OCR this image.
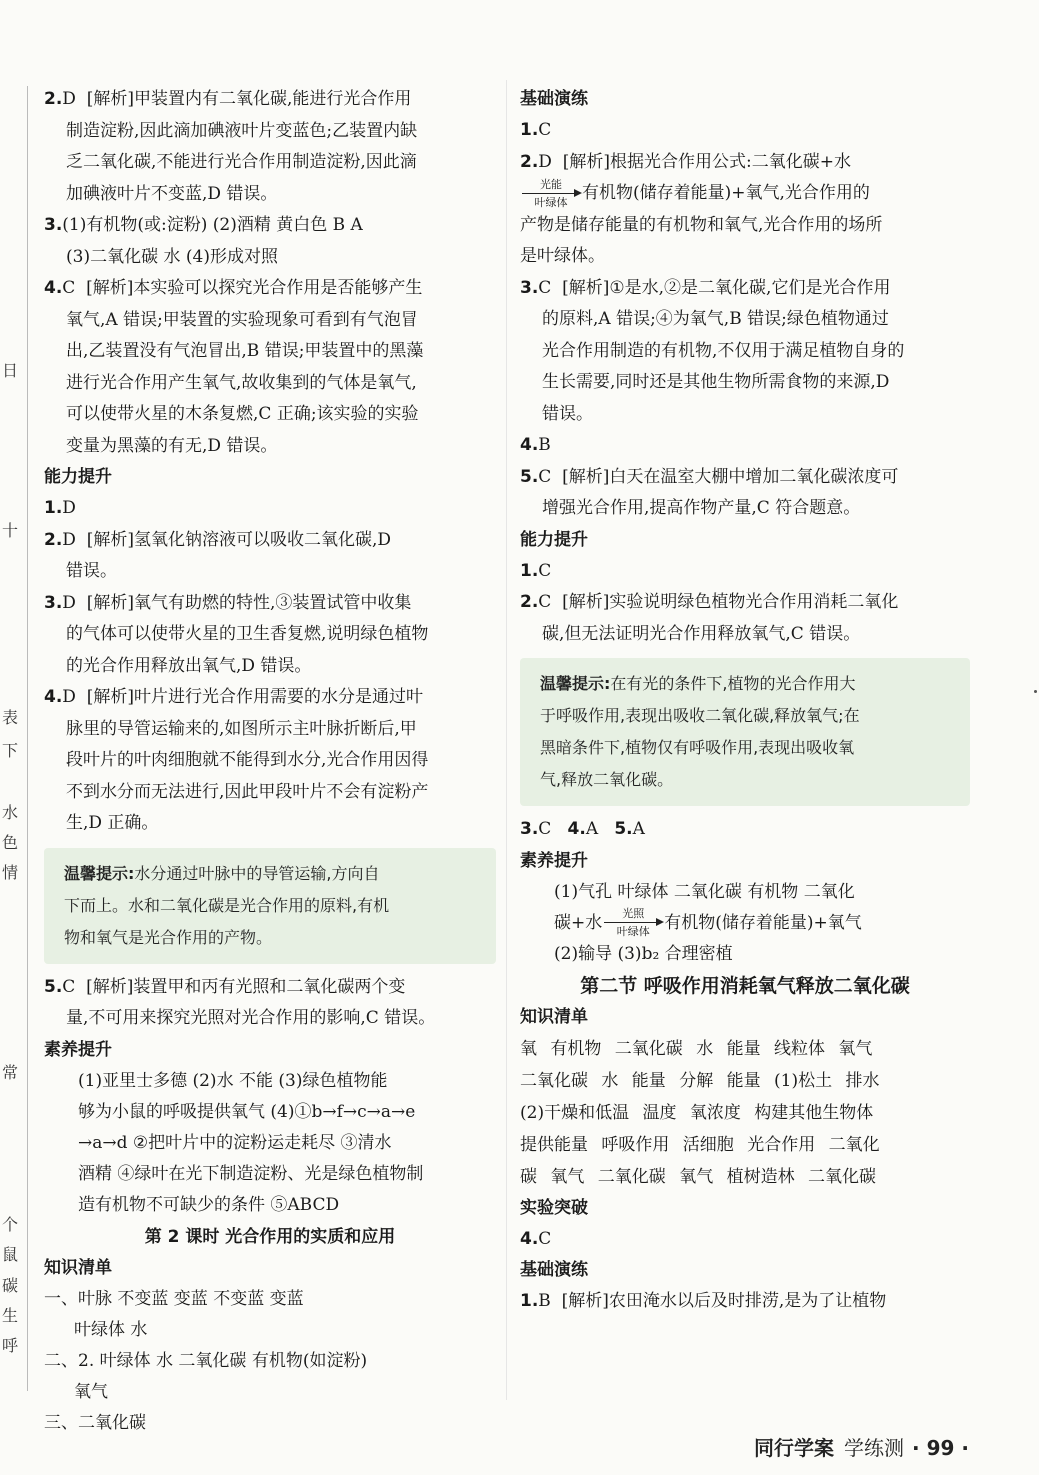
日
十
表
下
水
色
情
常
个
鼠
碳
生
呼
2.D [解析]甲装置内有二氧化碳,能进行光合作用
制造淀粉,因此滴加碘液叶片变蓝色;乙装置内缺
乏二氧化碳,不能进行光合作用制造淀粉,因此滴
加碘液叶片不变蓝,D 错误。
3.(1)有机物(或:淀粉) (2)酒精 黄白色 B A
(3)二氧化碳 水 (4)形成对照
4.C [解析]本实验可以探究光合作用是否能够产生
氧气,A 错误;甲装置的实验现象可看到有气泡冒
出,乙装置没有气泡冒出,B 错误;甲装置中的黑藻
进行光合作用产生氧气,故收集到的气体是氧气,
可以使带火星的木条复燃,C 正确;该实验的实验
变量为黑藻的有无,D 错误。

能力提升

1.D
2.D [解析]氢氧化钠溶液可以吸收二氧化碳,D
错误。
3.D [解析]氧气有助燃的特性,③装置试管中收集
的气体可以使带火星的卫生香复燃,说明绿色植物
的光合作用释放出氧气,D 错误。
4.D [解析]叶片进行光合作用需要的水分是通过叶
脉里的导管运输来的,如图所示主叶脉折断后,甲
段叶片的叶肉细胞就不能得到水分,光合作用因得
不到水分而无法进行,因此甲段叶片不会有淀粉产
生,D 正确。
温馨提示:水分通过叶脉中的导管运输,方向自
下而上。水和二氧化碳是光合作用的原料,有机
物和氧气是光合作用的产物。
5.C [解析]装置甲和丙有光照和二氧化碳两个变
量,不可用来探究光照对光合作用的影响,C 错误。

素养提升

(1)亚里士多德 (2)水 不能 (3)绿色植物能
够为小鼠的呼吸提供氧气 (4)①b→f→c→a→e
→a→d ②把叶片中的淀粉运走耗尽 ③清水
酒精 ④绿叶在光下制造淀粉、光是绿色植物制
造有机物不可缺少的条件 ⑤ABCD

第 2 课时 光合作用的实质和应用

知识清单

一、叶脉 不变蓝 变蓝 不变蓝 变蓝
叶绿体 水
二、2. 叶绿体 水 二氧化碳 有机物(如淀粉)
氧气
三、二氧化碳

基础演练

1.C
2.D [解析]根据光合作用公式:二氧化碳+水
光能
叶绿体 有机物(储存着能量)+氧气,光合作用的
产物是储存能量的有机物和氧气,光合作用的场所
是叶绿体。
3.C [解析]①是水,②是二氧化碳,它们是光合作用
的原料,A 错误;④为氧气,B 错误;绿色植物通过
光合作用制造的有机物,不仅用于满足植物自身的
生长需要,同时还是其他生物所需食物的来源,D
错误。
4.B
5.C [解析]白天在温室大棚中增加二氧化碳浓度可
增强光合作用,提高作物产量,C 符合题意。

能力提升

1.C
2.C [解析]实验说明绿色植物光合作用消耗二氧化
碳,但无法证明光合作用释放氧气,C 错误。
温馨提示:在有光的条件下,植物的光合作用大
于呼吸作用,表现出吸收二氧化碳,释放氧气;在
黑暗条件下,植物仅有呼吸作用,表现出吸收氧
气,释放二氧化碳。
3.C 4.A 5.A

素养提升

(1)气孔 叶绿体 二氧化碳 有机物 二氧化
碳+水	光照
叶绿体 有机物(储存着能量)+氧气
(2)输导 (3)b₂ 合理密植

第二节 呼吸作用消耗氧气释放二氧化碳

知识清单

氧 有机物 二氧化碳 水 能量 线粒体 氧气

二氧化碳 水 能量 分解 能量 (1)松土 排水

(2)干燥和低温 温度 氧浓度 构建其他生物体

提供能量 呼吸作用 活细胞 光合作用 二氧化

碳 氧气 二氧化碳 氧气 植树造林 二氧化碳

实验突破

4.C

基础演练

1.B [解析]农田淹水以后及时排涝,是为了让植物
同行学案 学练测 · 99 ·
